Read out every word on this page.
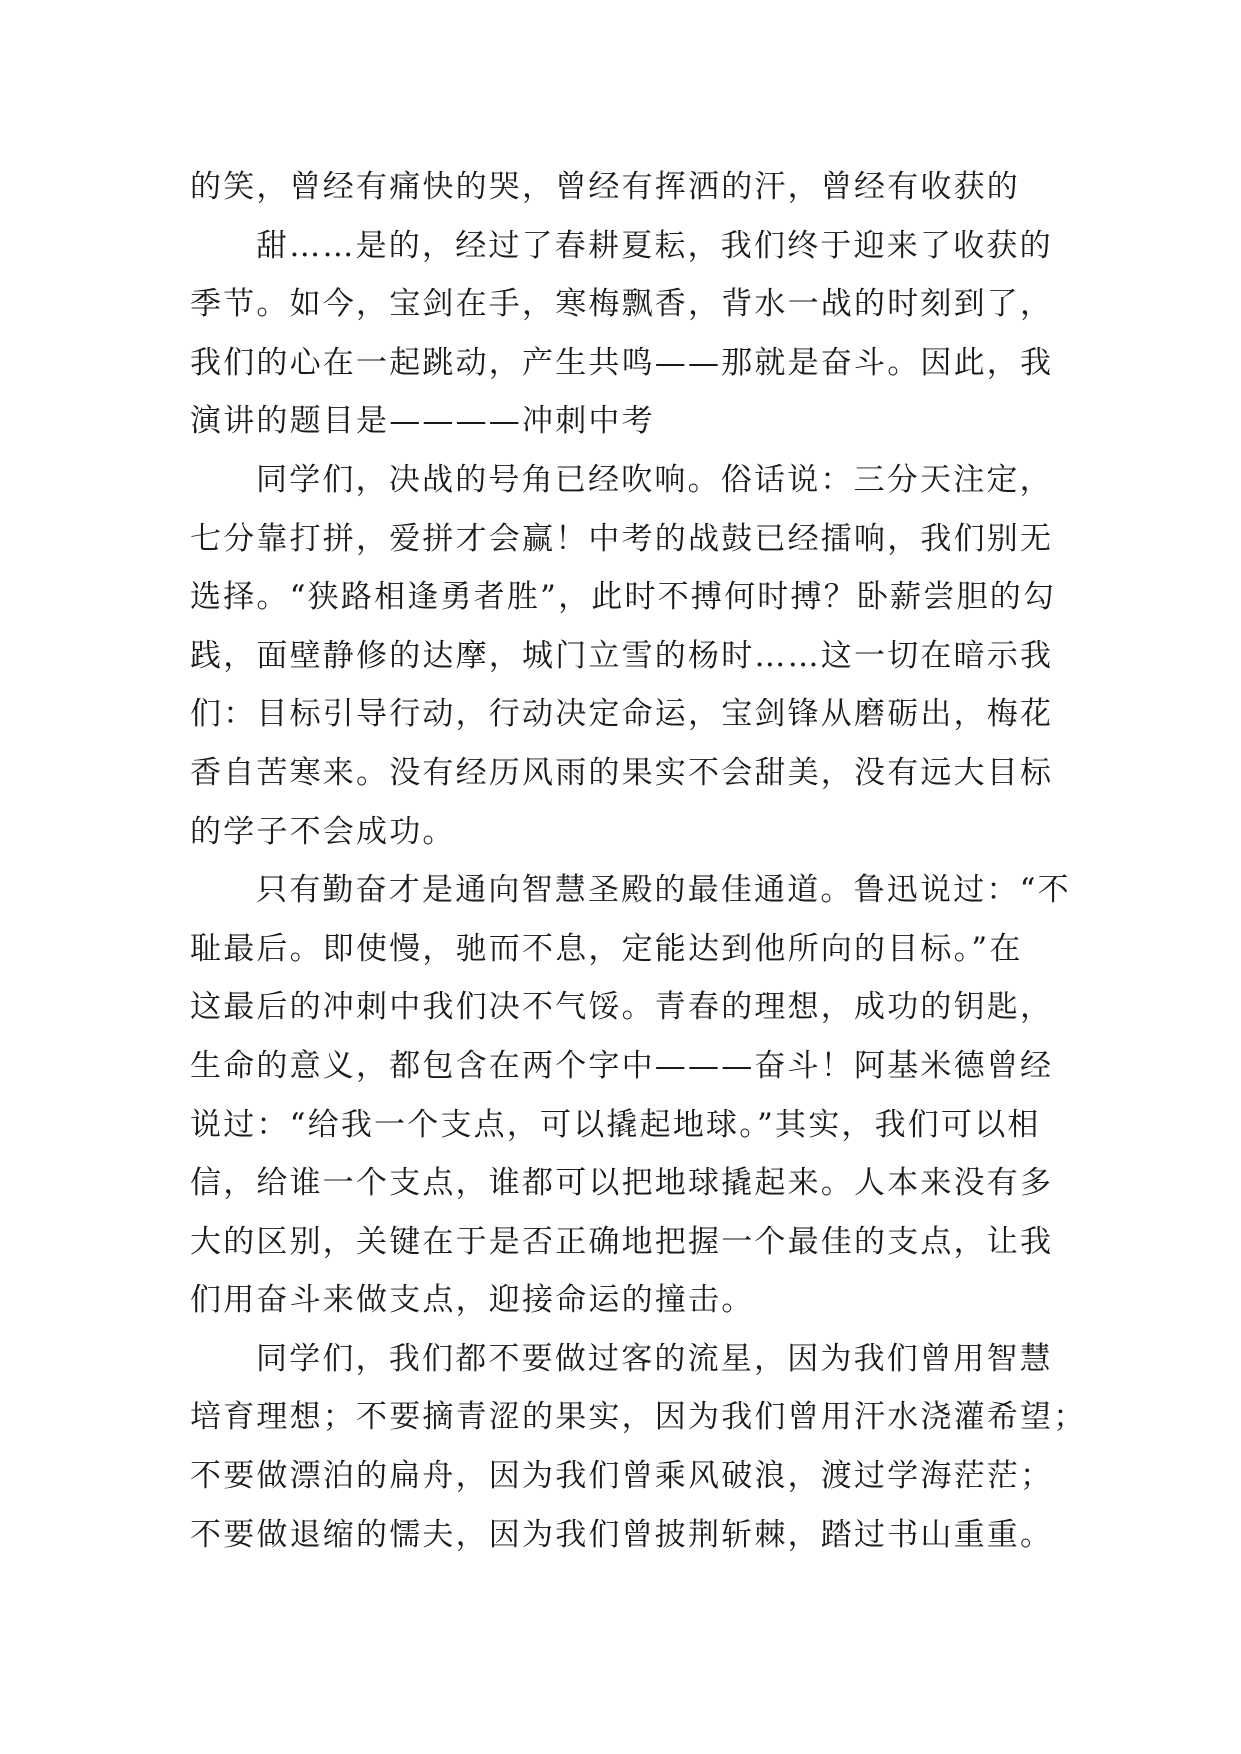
的笑，曾经有痛快的哭，曾经有挥洒的汗，曾经有收获的
甜……是的，经过了春耕夏耘，我们终于迎来了收获的
季节。如今，宝剑在手，寒梅飘香，背水一战的时刻到了，
我们的心在一起跳动，产生共鸣——那就是奋斗。因此，我
演讲的题目是————冲刺中考
同学们，决战的号角已经吹响。俗话说：三分天注定，
七分靠打拼，爱拼才会赢！中考的战鼓已经擂响，我们别无
选择。“狭路相逢勇者胜”，此时不搏何时搏？卧薪尝胆的勾
践，面壁静修的达摩，城门立雪的杨时……这一切在暗示我
们：目标引导行动，行动决定命运，宝剑锋从磨砺出，梅花
香自苦寒来。没有经历风雨的果实不会甜美，没有远大目标
的学子不会成功。
只有勤奋才是通向智慧圣殿的最佳通道。鲁迅说过：“不
耻最后。即使慢，驰而不息，定能达到他所向的目标。”在
这最后的冲刺中我们决不气馁。青春的理想，成功的钥匙，
生命的意义，都包含在两个字中———奋斗！阿基米德曾经
说过：“给我一个支点，可以撬起地球。”其实，我们可以相
信，给谁一个支点，谁都可以把地球撬起来。人本来没有多
大的区别，关键在于是否正确地把握一个最佳的支点，让我
们用奋斗来做支点，迎接命运的撞击。
同学们，我们都不要做过客的流星，因为我们曾用智慧
培育理想；不要摘青涩的果实，因为我们曾用汗水浇灌希望；
不要做漂泊的扁舟，因为我们曾乘风破浪，渡过学海茫茫；
不要做退缩的懦夫，因为我们曾披荆斩棘，踏过书山重重。
